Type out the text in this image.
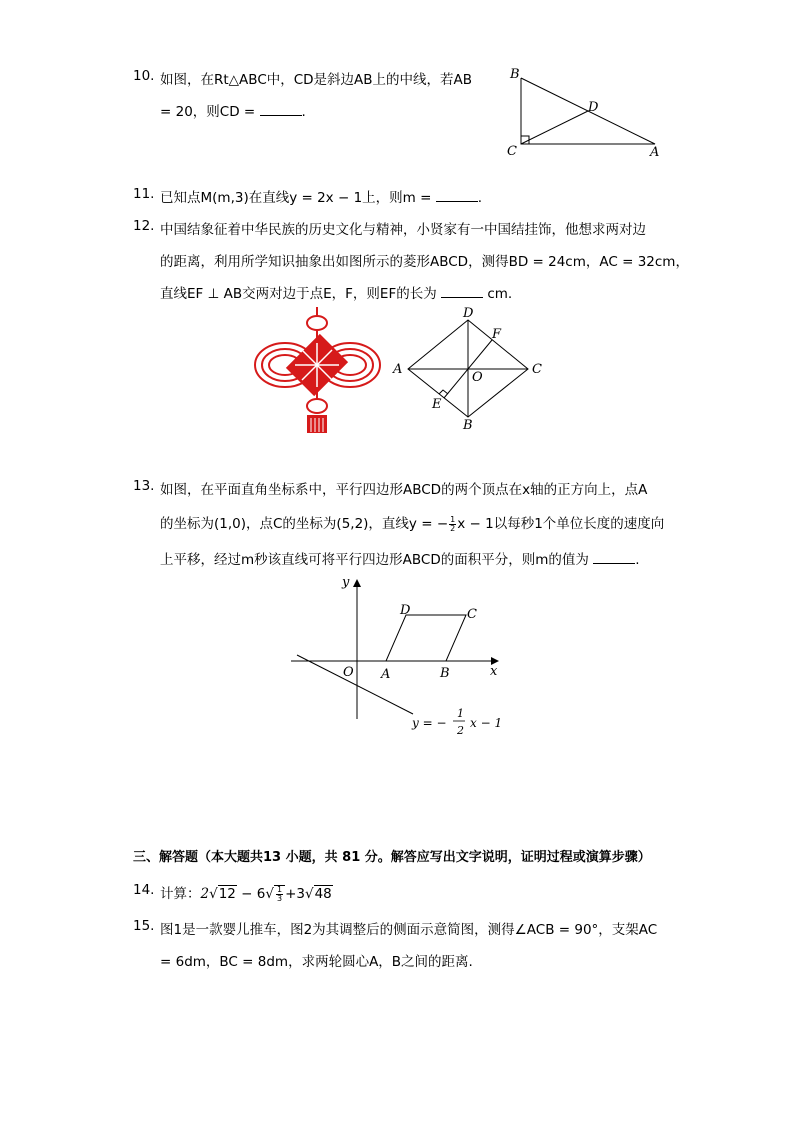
10. 如图，在Rt△ABC中，CD是斜边AB上的中线，若AB
= 20，则CD =	.
B
D
C	A
11. 已知点M(m,3)在直线y = 2x − 1上，则m =	.
12. 中国结象征着中华民族的历史文化与精神，小贤家有一中国结挂饰，他想求两对边
的距离，利用所学知识抽象出如图所示的菱形ABCD，测得BD = 24cm，AC = 32cm，
直线EF ⊥ AB交两对边于点E，F，则EF的长为	cm.
D
F
A
O
C
E
B
13. 如图，在平面直角坐标系中，平行四边形ABCD的两个顶点在x轴的正方向上，点A
的坐标为(1,0)，点C的坐标为(5,2)，直线y = − $\frac{1}{2}$ x − 1以每秒1个单位长度的速度向
上平移，经过m秒该直线可将平行四边形ABCD的面积平分，则m的值为	.
y
x
O A	B
C
D
y = −
1
2
x − 1
三、解答题（本大题共13 小题，共 81 分。解答应写出文字说明，证明过程或演算步骤）
14. 计算：$2√12 - 6√ \frac{1}{3} +3√48$
15. 图1是一款婴儿推车，图2为其调整后的侧面示意简图，测得∠ACB = 90°，支架AC
= 6dm，BC = 8dm，求两轮圆心A，B之间的距离.
